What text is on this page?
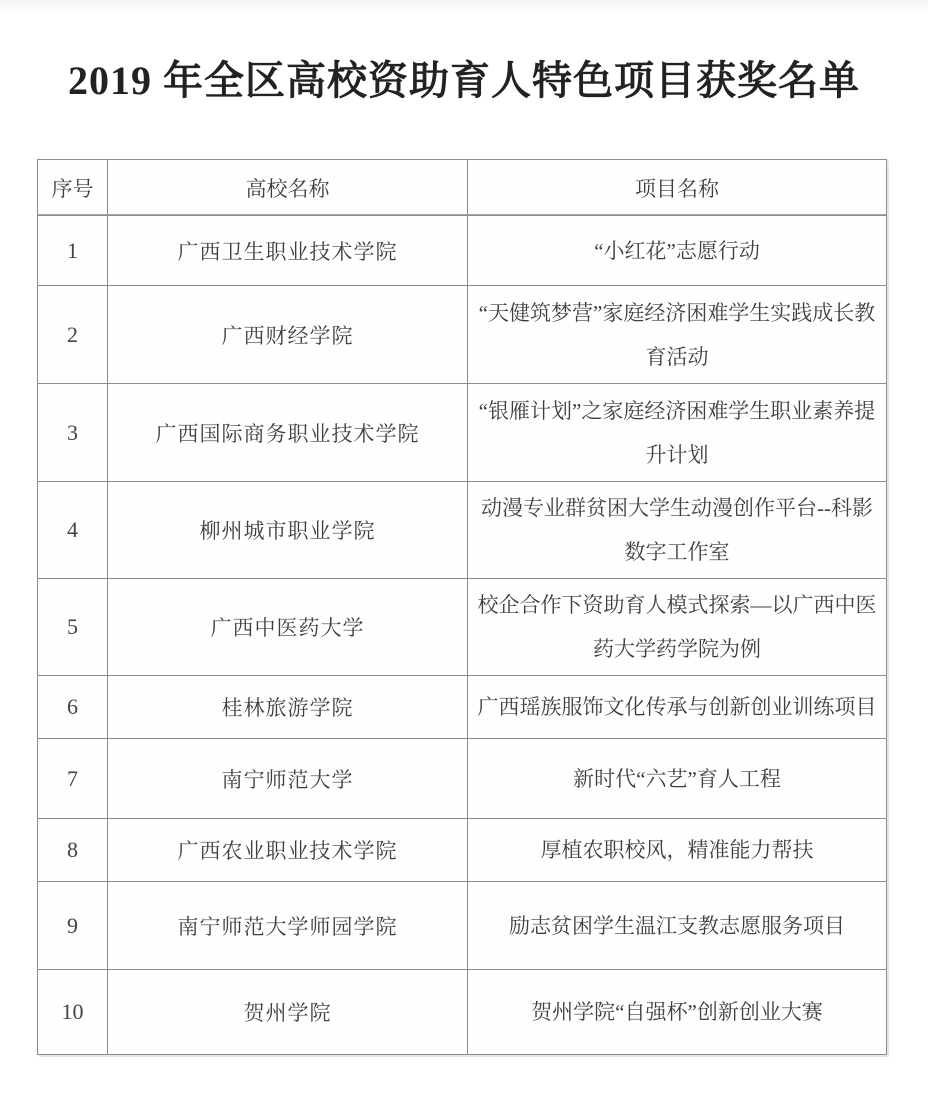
2019 年全区高校资助育人特色项目获奖名单
序号	高校名称	项目名称
1	广西卫生职业技术学院	“小红花”志愿行动
2	广西财经学院	“天健筑梦营”家庭经济困难学生实践成长教育活动
3	广西国际商务职业技术学院	“银雁计划”之家庭经济困难学生职业素养提升计划
4	柳州城市职业学院	动漫专业群贫困大学生动漫创作平台--科影数字工作室
5	广西中医药大学	校企合作下资助育人模式探索—以广西中医药大学药学院为例
6	桂林旅游学院	广西瑶族服饰文化传承与创新创业训练项目
7	南宁师范大学	新时代“六艺”育人工程
8	广西农业职业技术学院	厚植农职校风，精准能力帮扶
9	南宁师范大学师园学院	励志贫困学生温江支教志愿服务项目
10	贺州学院	贺州学院“自强杯”创新创业大赛
